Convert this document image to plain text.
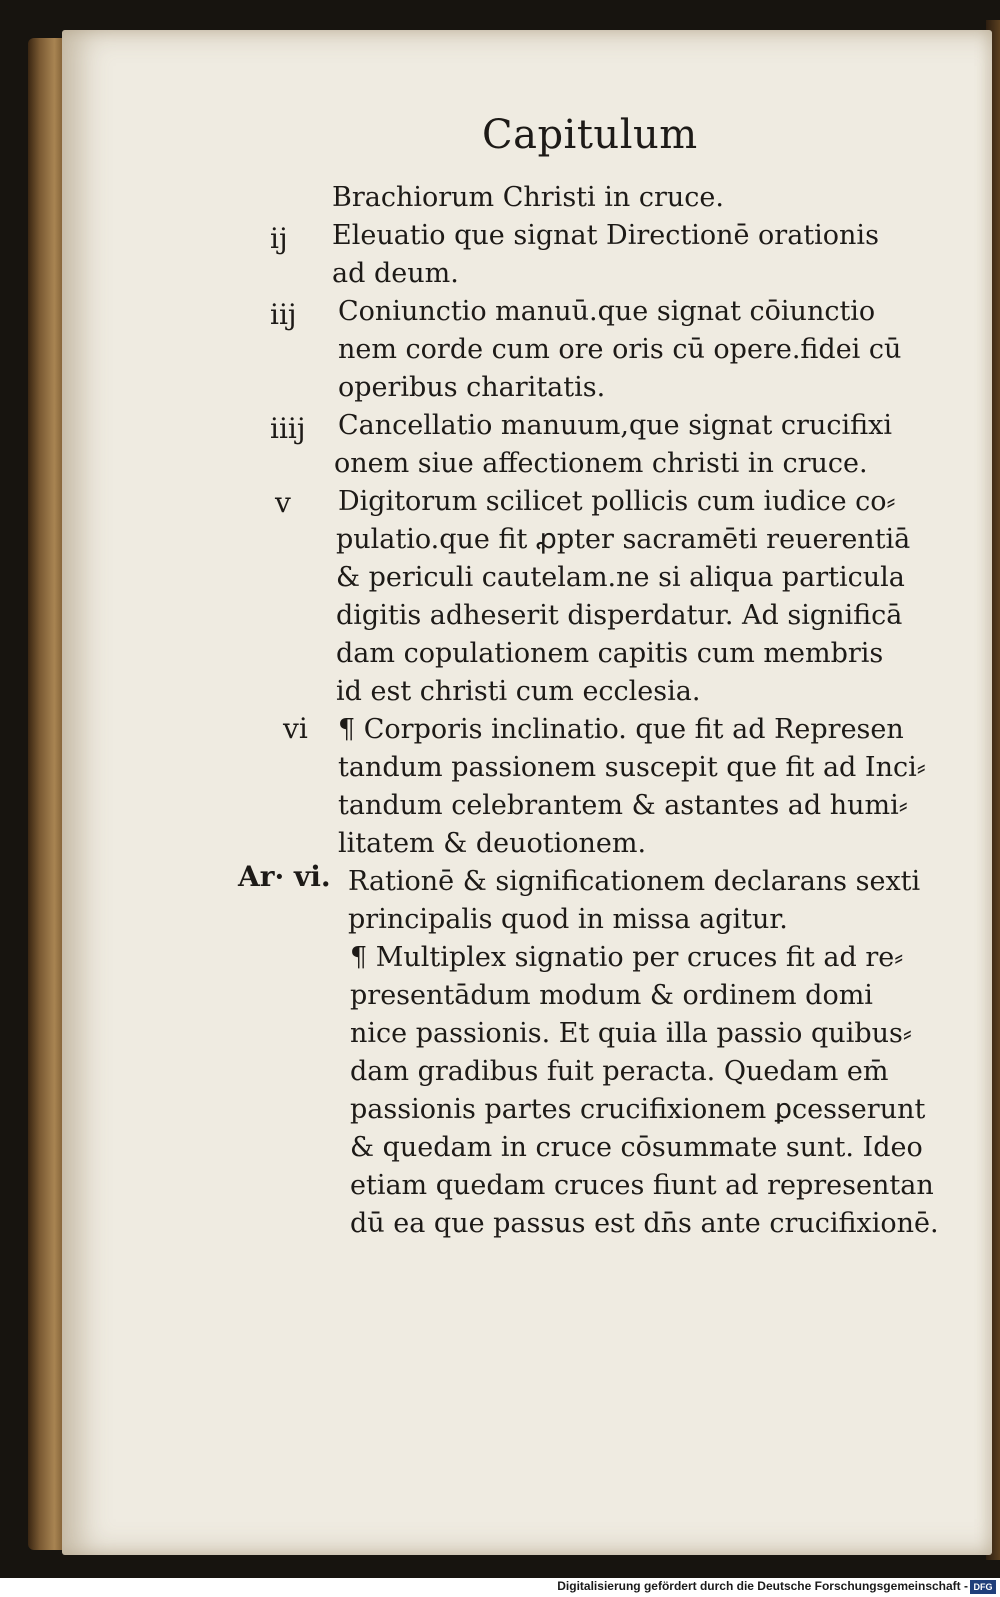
Capitulum
ij
iij
iiij
v
vi
Ar· vi.
Brachiorum Christi in cruce.
Eleuatio que signat Directionē orationis
ad deum.
Coniunctio manuū.que signat cōiunctio
nem corde cum ore oris cū opere.fidei cū
operibus charitatis.
Cancellatio manuum,que signat crucifixi
onem siue affectionem christi in cruce.
Digitorum scilicet pollicis cum iudice co⸗
pulatio.que fit ꝓpter sacramēti reuerentiā
& periculi cautelam.ne si aliqua particula
digitis adheserit disperdatur. Ad significā
dam copulationem capitis cum membris
id est christi cum ecclesia.
¶ Corporis inclinatio. que fit ad Represen
tandum passionem suscepit que fit ad Inci⸗
tandum celebrantem & astantes ad humi⸗
litatem & deuotionem.
Rationē & significationem declarans sexti
principalis quod in missa agitur.
¶ Multiplex signatio per cruces fit ad re⸗
presentādum modum & ordinem domi
nice passionis. Et quia illa passio quibus⸗
dam gradibus fuit peracta. Quedam em̄
passionis partes crucifixionem ꝑcesserunt
& quedam in cruce cōsummate sunt. Ideo
etiam quedam cruces fiunt ad representan
dū ea que passus est dn̄s ante crucifixionē.
Digitalisierung gefördert durch die Deutsche Forschungsgemeinschaft - DFG
